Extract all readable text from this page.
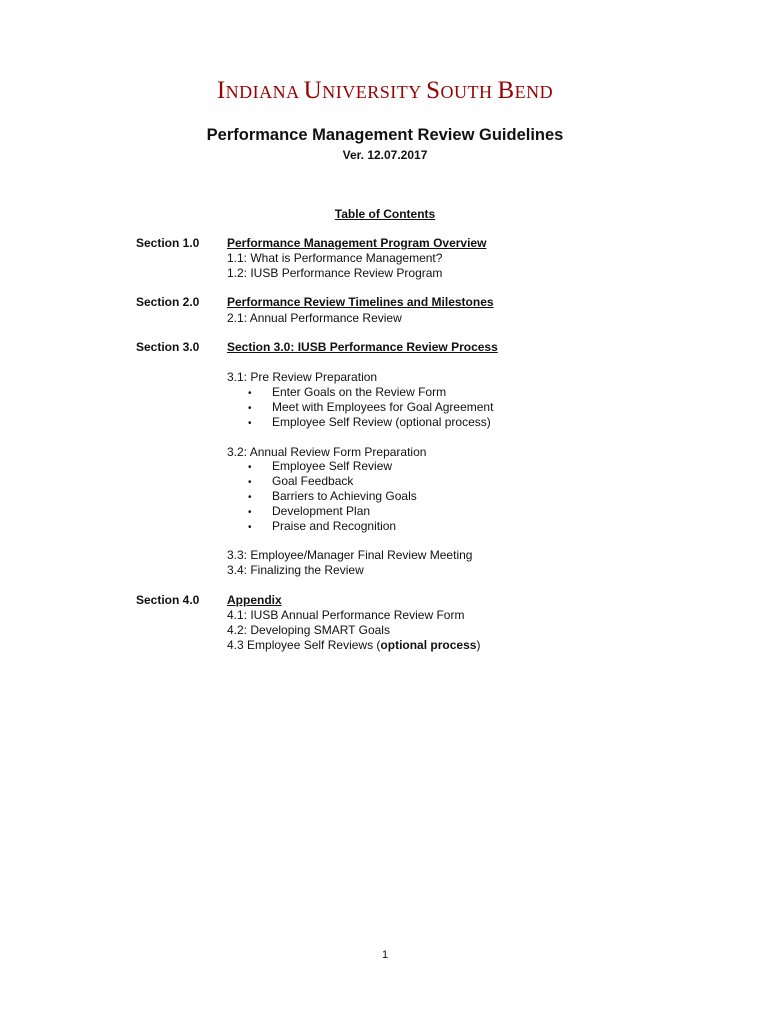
INDIANA UNIVERSITY SOUTH BEND
Performance Management Review Guidelines
Ver. 12.07.2017
Table of Contents
Section 1.0 Performance Management Program Overview
1.1: What is Performance Management?
1.2: IUSB Performance Review Program
Section 2.0 Performance Review Timelines and Milestones
2.1: Annual Performance Review
Section 3.0 Section 3.0: IUSB Performance Review Process
3.1: Pre Review Preparation
• Enter Goals on the Review Form
• Meet with Employees for Goal Agreement
• Employee Self Review (optional process)
3.2: Annual Review Form Preparation
• Employee Self Review
• Goal Feedback
• Barriers to Achieving Goals
• Development Plan
• Praise and Recognition
3.3: Employee/Manager Final Review Meeting
3.4: Finalizing the Review
Section 4.0 Appendix
4.1: IUSB Annual Performance Review Form
4.2: Developing SMART Goals
4.3 Employee Self Reviews (optional process)
1
